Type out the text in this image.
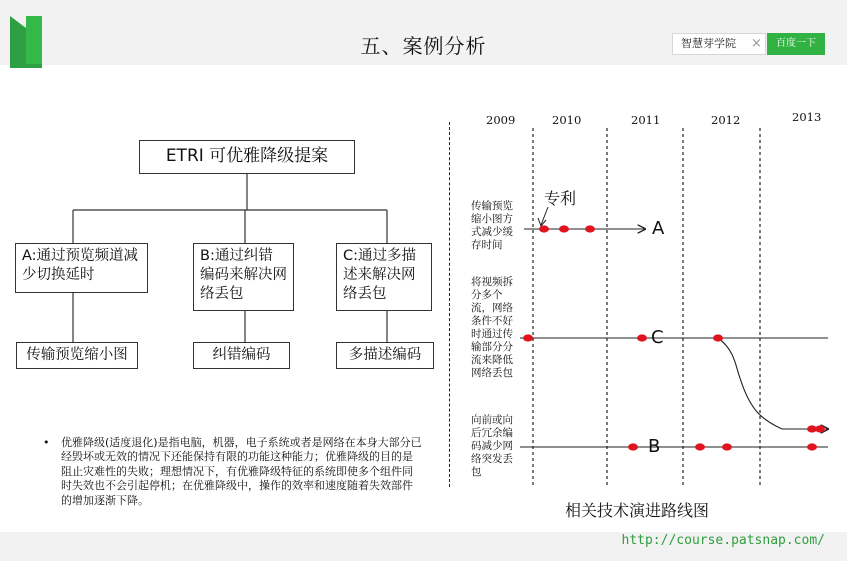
五、案例分析	智慧芽学院	×	百度一下
ETRI 可优雅降级提案
A:通过预览频道减少切换延时
B:通过纠错编码来解决网络丢包
C:通过多描述来解决网络丢包
传输预览缩小图	纠错编码	多描述编码
•	优雅降级(适度退化)是指电脑，机器，电子系统或者是网络在本身大部分已经毁坏或无效的情况下还能保持有限的功能这种能力；优雅降级的目的是阻止灾难性的失败；理想情况下，有优雅降级特征的系统即使多个组件同时失效也不会引起停机；在优雅降级中，操作的效率和速度随着失效部件的增加逐渐下降。
2009	2010	2011	2012	2013
专利
传输预览缩小图方式减少缓存时间
将视频拆分多个流，网络条件不好时通过传输部分分流来降低网络丢包
向前或向后冗余编码减少网络突发丢包
A
C
B
相关技术演进路线图
http://course.patsnap.com/
